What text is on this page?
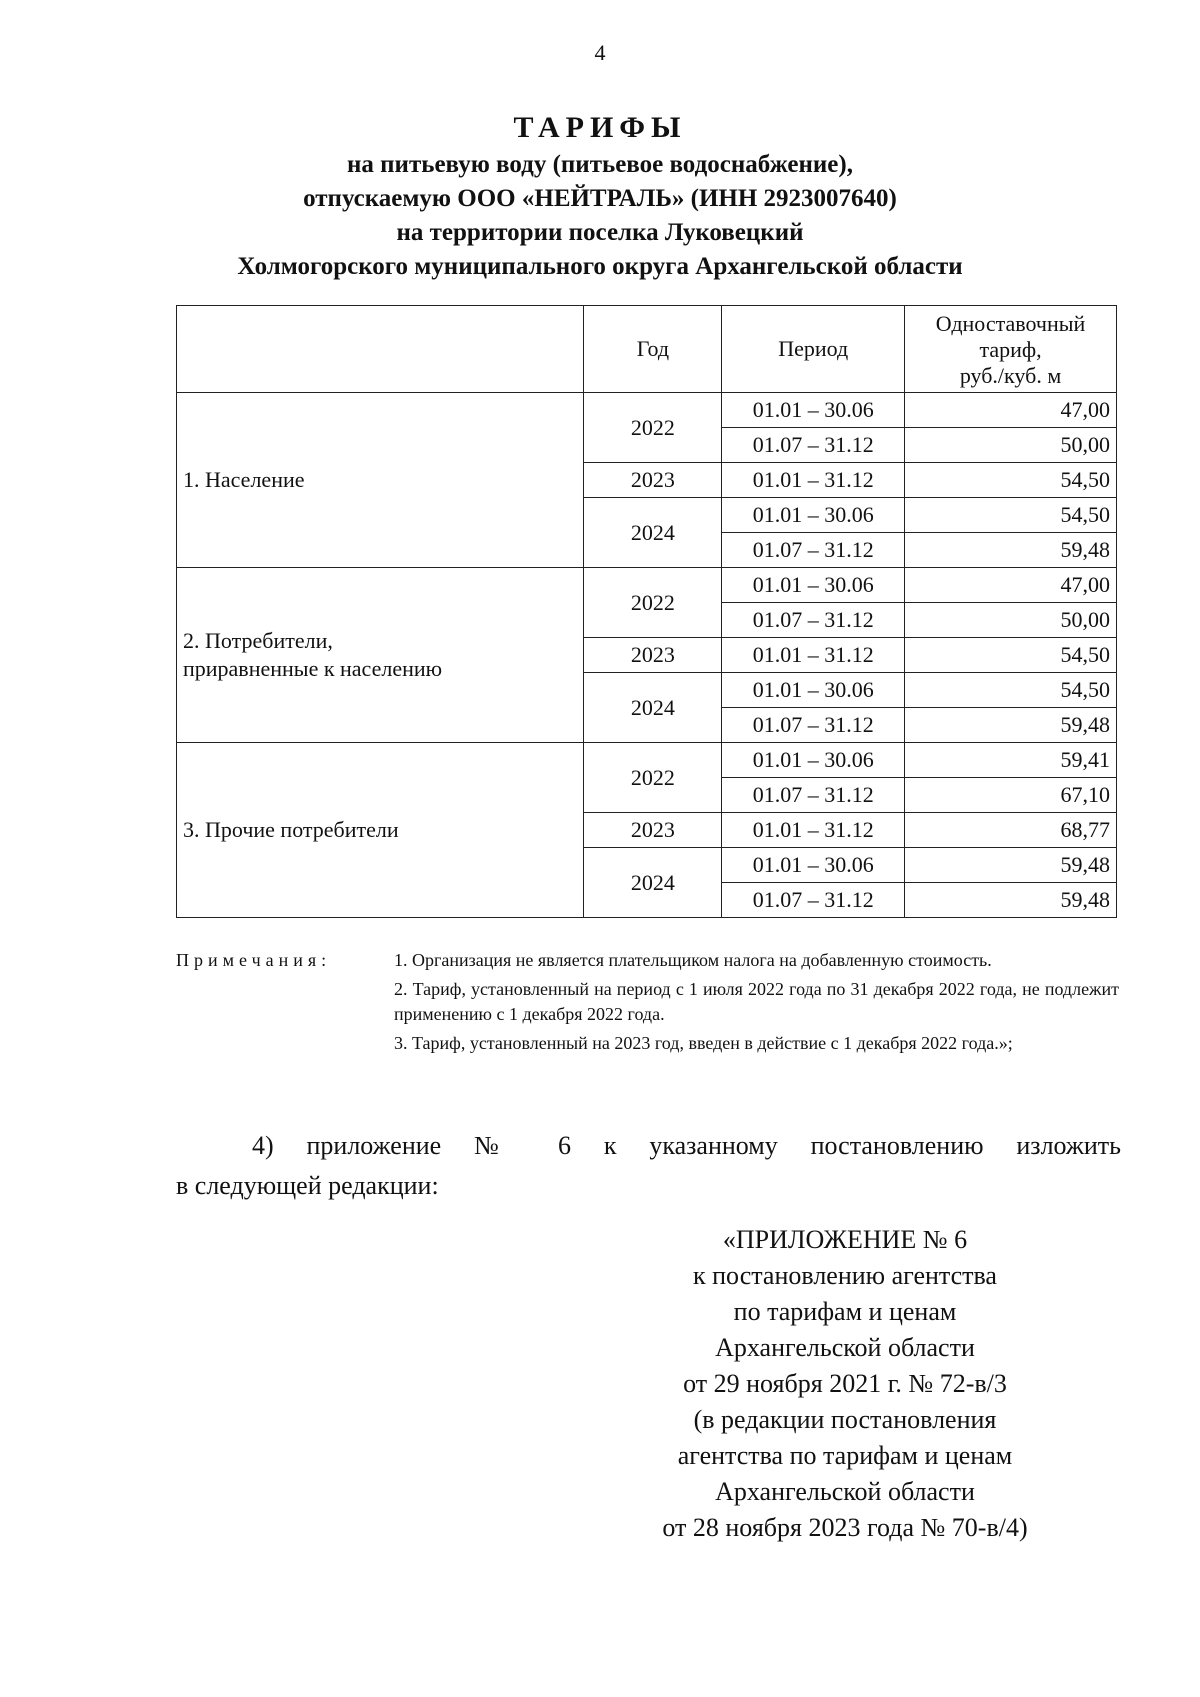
4
ТАРИФЫ
на питьевую воду (питьевое водоснабжение),
отпускаемую ООО «НЕЙТРАЛЬ» (ИНН 2923007640)
на территории поселка Луковецкий
Холмогорского муниципального округа Архангельской области
	Год	Период	Одноставочный
тариф,
руб./куб. м

1. Население	2022	01.01 – 30.06	47,00
		01.07 – 31.12	50,00
	2023	01.01 – 31.12	54,50
	2024	01.01 – 30.06	54,50
		01.07 – 31.12	59,48

2. Потребители,
приравненные к населению	2022	01.01 – 30.06	47,00
		01.07 – 31.12	50,00
	2023	01.01 – 31.12	54,50
	2024	01.01 – 30.06	54,50
		01.07 – 31.12	59,48
3. Прочие потребители	2022	01.01 – 30.06	59,41
		01.07 – 31.12	67,10
	2023	01.01 – 31.12	68,77
	2024	01.01 – 30.06	59,48
		01.07 – 31.12	59,48
Примечания:	1. Организация не является плательщиком налога на добавленную стоимость.
2. Тариф, установленный на период с 1 июля 2022 года по 31 декабря 2022 года, не подлежит применению с 1 декабря 2022 года.
3. Тариф, установленный на 2023 год, введен в действие с 1 декабря 2022 года.»;
4) приложение № 6 к указанному постановлению изложить
в следующей редакции:
«ПРИЛОЖЕНИЕ № 6
к постановлению агентства
по тарифам и ценам
Архангельской области
от 29 ноября 2021 г. № 72-в/3
(в редакции постановления
агентства по тарифам и ценам
Архангельской области
от 28 ноября 2023 года № 70-в/4)
